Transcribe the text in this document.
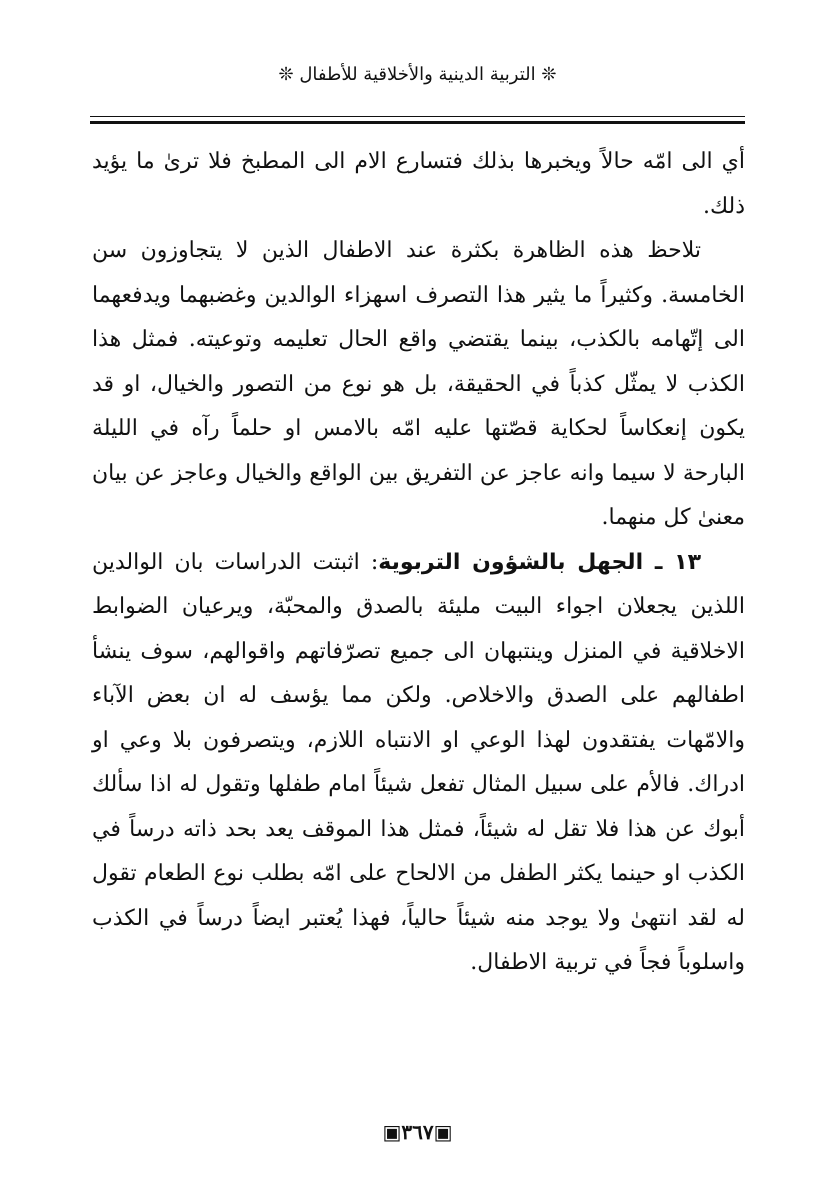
❊ التربية الدينية والأخلاقية للأطفال ❊

أي الى امّه حالاً ويخبرها بذلك فتسارع الام الى المطبخ فلا ترىٰ ما يؤيد ذلك.

تلاحظ هذه الظاهرة بكثرة عند الاطفال الذين لا يتجاوزون سن الخامسة. وكثيراً ما يثير هذا التصرف اسهزاء الوالدين وغضبهما ويدفعهما الى إتّهامه بالكذب، بينما يقتضي واقع الحال تعليمه وتوعيته. فمثل هذا الكذب لا يمثّل كذباً في الحقيقة، بل هو نوع من التصور والخيال، او قد يكون إنعكاساً لحكاية قصّتها عليه امّه بالامس او حلماً رآه في الليلة البارحة لا سيما وانه عاجز عن التفريق بين الواقع والخيال وعاجز عن بيان معنىٰ كل منهما.

١٣ ـ الجهل بالشؤون التربوية: اثبتت الدراسات بان الوالدين اللذين يجعلان اجواء البيت مليئة بالصدق والمحبّة، ويرعيان الضوابط الاخلاقية في المنزل وينتبهان الى جميع تصرّفاتهم واقوالهم، سوف ينشأ اطفالهم على الصدق والاخلاص. ولكن مما يؤسف له ان بعض الآباء والامّهات يفتقدون لهذا الوعي او الانتباه اللازم، ويتصرفون بلا وعي او ادراك. فالأم على سبيل المثال تفعل شيئاً امام طفلها وتقول له اذا سألك أبوك عن هذا فلا تقل له شيئاً، فمثل هذا الموقف يعد بحد ذاته درساً في الكذب او حينما يكثر الطفل من الالحاح على امّه بطلب نوع الطعام تقول له لقد انتهىٰ ولا يوجد منه شيئاً حالياً، فهذا يُعتبر ايضاً درساً في الكذب واسلوباً فجاً في تربية الاطفال.

▣٣٦٧▣
